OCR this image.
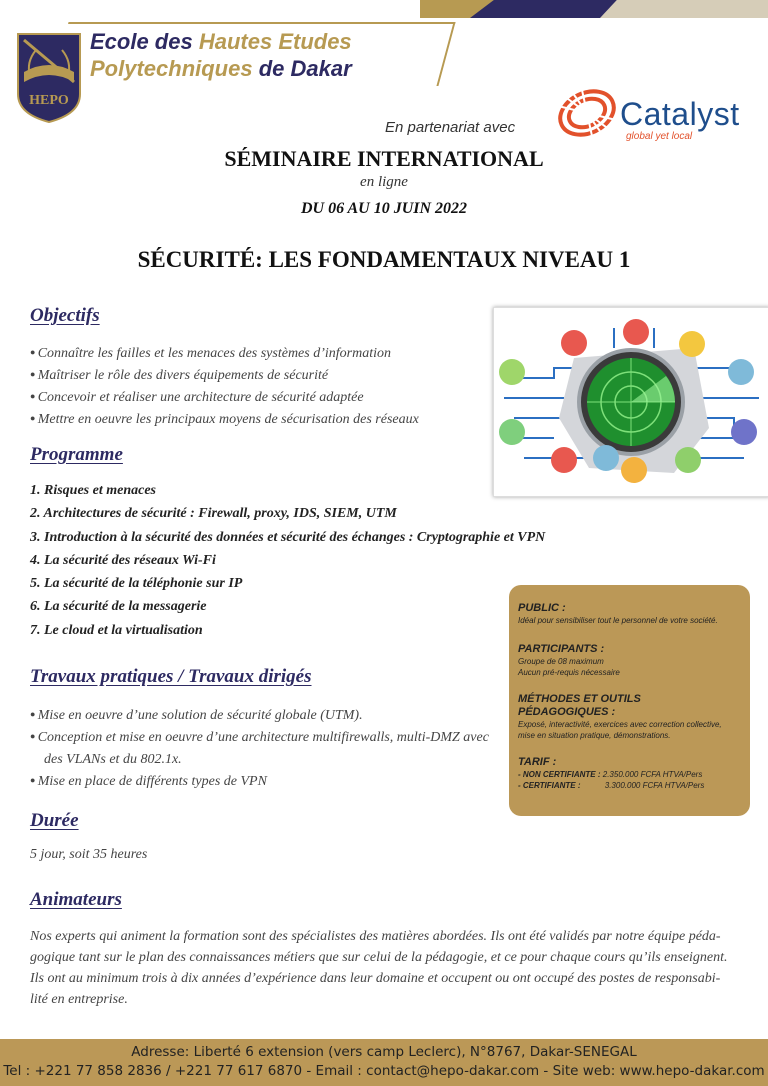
HEPO
Ecole des Hautes Etudes
Polytechniques de Dakar
En partenariat avec	Catalyst
global yet local
SÉMINAIRE INTERNATIONAL
en ligne
DU 06 AU 10 JUIN 2022
SÉCURITÉ: LES FONDAMENTAUX NIVEAU 1
Objectifs
● Connaître les failles et les menaces des systèmes d’information
● Maîtriser le rôle des divers équipements de sécurité
● Concevoir et réaliser une architecture de sécurité adaptée
● Mettre en oeuvre les principaux moyens de sécurisation des réseaux
Programme
1. Risques et menaces
2. Architectures de sécurité : Firewall, proxy, IDS, SIEM, UTM
3. Introduction à la sécurité des données et sécurité des échanges : Cryptographie et VPN
4. La sécurité des réseaux Wi-Fi
5. La sécurité de la téléphonie sur IP
6. La sécurité de la messagerie
7. Le cloud et la virtualisation
PUBLIC :
Idéal pour sensibiliser tout le personnel de votre société.
PARTICIPANTS :
Groupe de 08 maximum
Aucun pré-requis nécessaire
MÉTHODES ET OUTILS
PÉDAGOGIQUES :
Exposé, interactivité, exercices avec correction collective,
mise en situation pratique, démonstrations.
TARIF :
- NON CERTIFIANTE : 2.350.000 FCFA HTVA/Pers
- CERTIFIANTE :	3.300.000 FCFA HTVA/Pers
Travaux pratiques / Travaux dirigés
● Mise en oeuvre d’une solution de sécurité globale (UTM).
● Conception et mise en oeuvre d’une architecture multifirewalls, multi-DMZ avec
des VLANs et du 802.1x.
● Mise en place de différents types de VPN
Durée
5 jour, soit 35 heures
Animateurs
Nos experts qui animent la formation sont des spécialistes des matières abordées. Ils ont été validés par notre équipe péda-
gogique tant sur le plan des connaissances métiers que sur celui de la pédagogie, et ce pour chaque cours qu’ils enseignent.
Ils ont au minimum trois à dix années d’expérience dans leur domaine et occupent ou ont occupé des postes de responsabi-
lité en entreprise.
Adresse: Liberté 6 extension (vers camp Leclerc), N°8767, Dakar-SENEGAL
Tel : +221 77 858 2836 / +221 77 617 6870 - Email : contact@hepo-dakar.com - Site web: www.hepo-dakar.com
